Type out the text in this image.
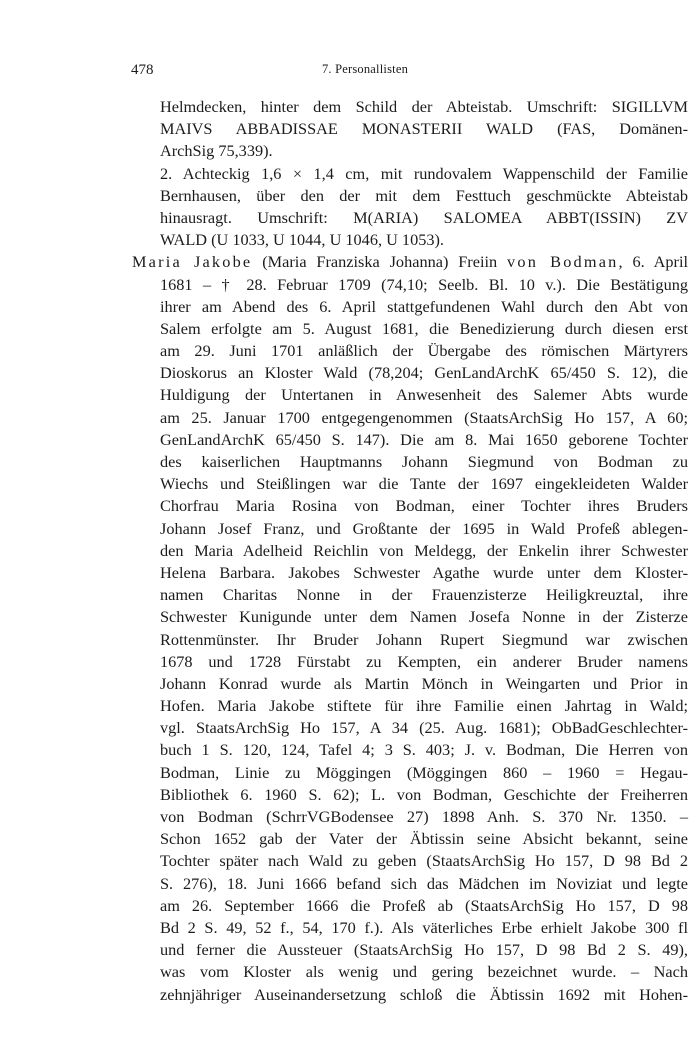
478	7. Personallisten
Helmdecken, hinter dem Schild der Abteistab. Umschrift: SIGILLVM
MAIVS ABBADISSAE MONASTERII WALD (FAS, Domänen-
ArchSig 75,339).
2. Achteckig 1,6 × 1,4 cm, mit rundovalem Wappenschild der Familie
Bernhausen, über den der mit dem Festtuch geschmückte Abteistab
hinausragt. Umschrift: M(ARIA) SALOMEA ABBT(ISSIN) ZV
WALD (U 1033, U 1044, U 1046, U 1053).
Maria Jakobe (Maria Franziska Johanna) Freiin von Bodman, 6. April
1681 – † 28. Februar 1709 (74,10; Seelb. Bl. 10 v.). Die Bestätigung
ihrer am Abend des 6. April stattgefundenen Wahl durch den Abt von
Salem erfolgte am 5. August 1681, die Benedizierung durch diesen erst
am 29. Juni 1701 anläßlich der Übergabe des römischen Märtyrers
Dioskorus an Kloster Wald (78,204; GenLandArchK 65/450 S. 12), die
Huldigung der Untertanen in Anwesenheit des Salemer Abts wurde
am 25. Januar 1700 entgegengenommen (StaatsArchSig Ho 157, A 60;
GenLandArchK 65/450 S. 147). Die am 8. Mai 1650 geborene Tochter
des kaiserlichen Hauptmanns Johann Siegmund von Bodman zu
Wiechs und Steißlingen war die Tante der 1697 eingekleideten Walder
Chorfrau Maria Rosina von Bodman, einer Tochter ihres Bruders
Johann Josef Franz, und Großtante der 1695 in Wald Profeß ablegen-
den Maria Adelheid Reichlin von Meldegg, der Enkelin ihrer Schwester
Helena Barbara. Jakobes Schwester Agathe wurde unter dem Kloster-
namen Charitas Nonne in der Frauenzisterze Heiligkreuztal, ihre
Schwester Kunigunde unter dem Namen Josefa Nonne in der Zisterze
Rottenmünster. Ihr Bruder Johann Rupert Siegmund war zwischen
1678 und 1728 Fürstabt zu Kempten, ein anderer Bruder namens
Johann Konrad wurde als Martin Mönch in Weingarten und Prior in
Hofen. Maria Jakobe stiftete für ihre Familie einen Jahrtag in Wald;
vgl. StaatsArchSig Ho 157, A 34 (25. Aug. 1681); ObBadGeschlechter-
buch 1 S. 120, 124, Tafel 4; 3 S. 403; J. v. Bodman, Die Herren von
Bodman, Linie zu Möggingen (Möggingen 860 – 1960 = Hegau-
Bibliothek 6. 1960 S. 62); L. von Bodman, Geschichte der Freiherren
von Bodman (SchrrVGBodensee 27) 1898 Anh. S. 370 Nr. 1350. –
Schon 1652 gab der Vater der Äbtissin seine Absicht bekannt, seine
Tochter später nach Wald zu geben (StaatsArchSig Ho 157, D 98 Bd 2
S. 276), 18. Juni 1666 befand sich das Mädchen im Noviziat und legte
am 26. September 1666 die Profeß ab (StaatsArchSig Ho 157, D 98
Bd 2 S. 49, 52 f., 54, 170 f.). Als väterliches Erbe erhielt Jakobe 300 fl
und ferner die Aussteuer (StaatsArchSig Ho 157, D 98 Bd 2 S. 49),
was vom Kloster als wenig und gering bezeichnet wurde. – Nach
zehnjähriger Auseinandersetzung schloß die Äbtissin 1692 mit Hohen-
